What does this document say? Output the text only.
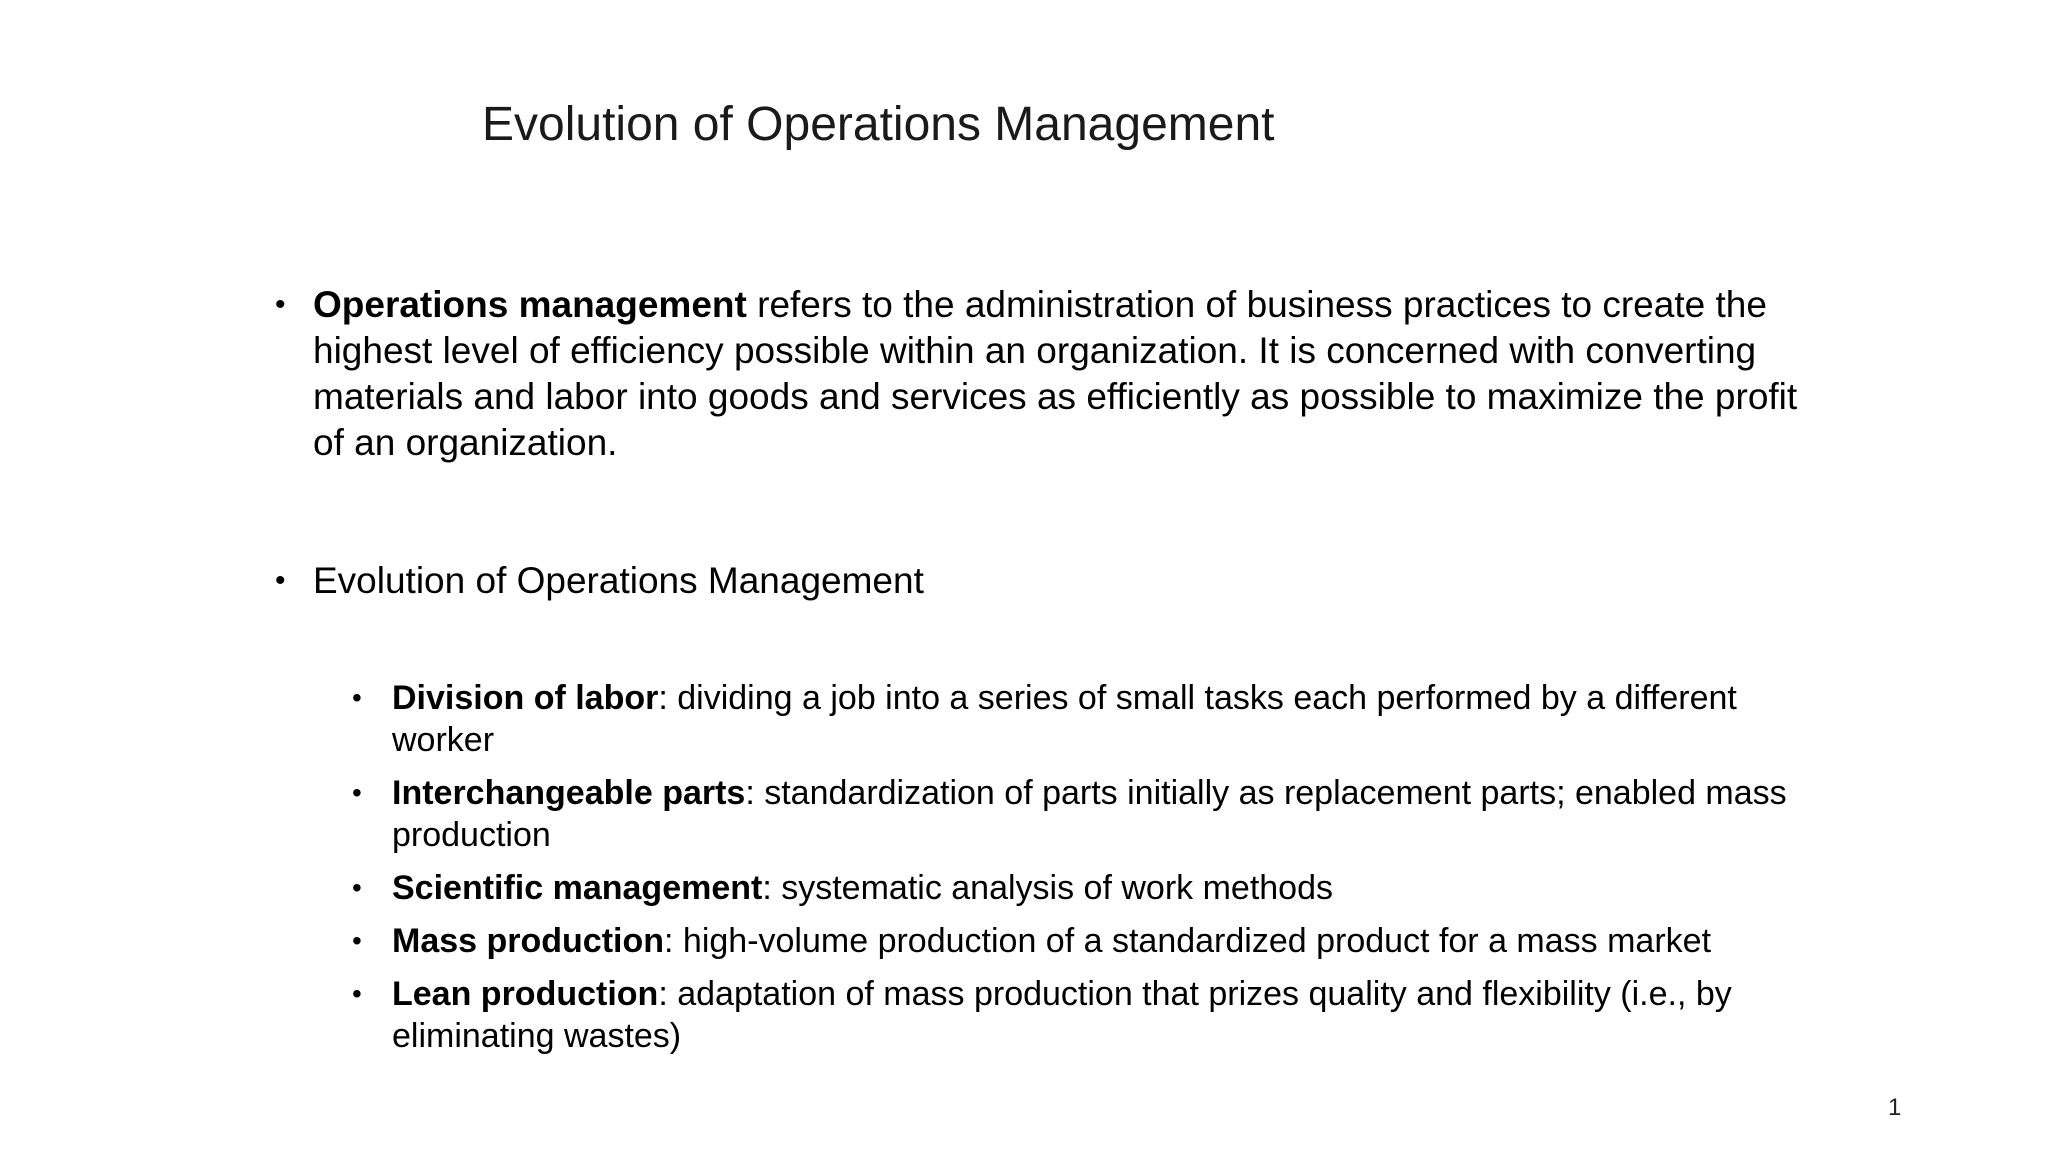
Evolution of Operations Management
• Operations management refers to the administration of business practices to create the highest level of efficiency possible within an organization. It is concerned with converting materials and labor into goods and services as efficiently as possible to maximize the profit of an organization.
• Evolution of Operations Management
• Division of labor: dividing a job into a series of small tasks each performed by a different worker
• Interchangeable parts: standardization of parts initially as replacement parts; enabled mass production
• Scientific management: systematic analysis of work methods
• Mass production: high-volume production of a standardized product for a mass market
• Lean production: adaptation of mass production that prizes quality and flexibility (i.e., by eliminating wastes)
1
